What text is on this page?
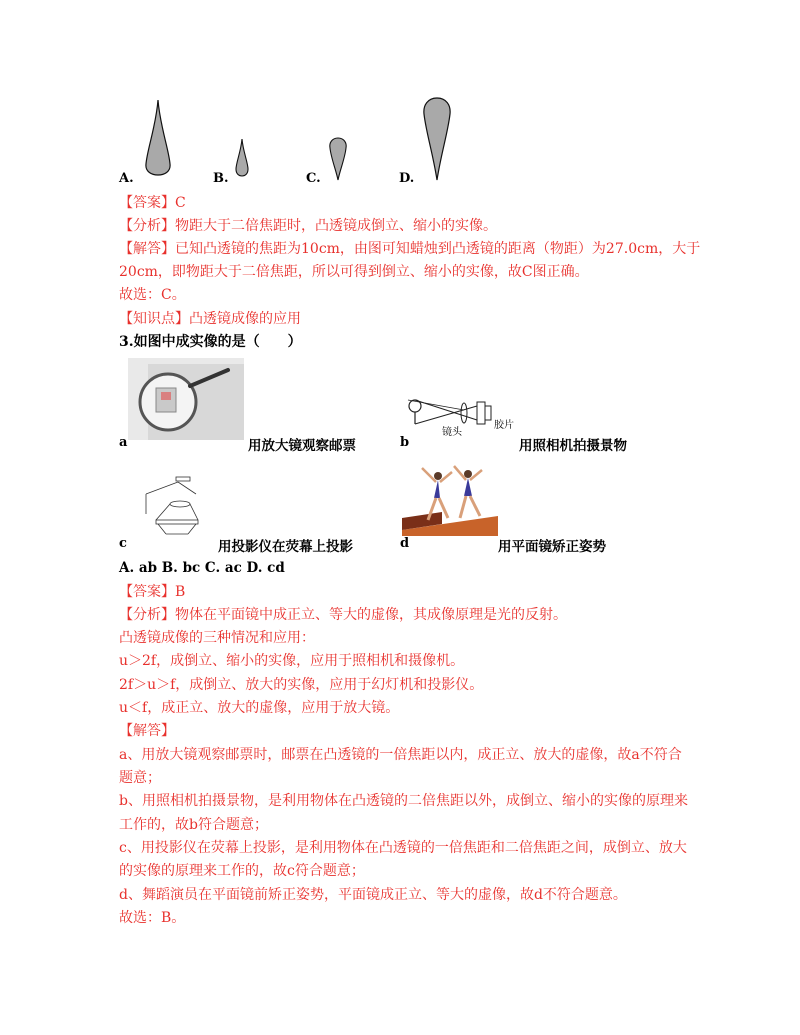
A.	B.	C.	D.
【答案】C
【分析】物距大于二倍焦距时，凸透镜成倒立、缩小的实像。
【解答】已知凸透镜的焦距为10cm，由图可知蜡烛到凸透镜的距离（物距）为27.0cm，大于
20cm，即物距大于二倍焦距，所以可得到倒立、缩小的实像，故C图正确。
故选：C。
【知识点】凸透镜成像的应用
3.如图中成实像的是（　　）
a	用放大镜观察邮票
镜头
胶片
b	用照相机拍摄景物
c	用投影仪在荧幕上投影	d	用平面镜矫正姿势
A. ab B. bc C. ac D. cd
【答案】B
【分析】物体在平面镜中成正立、等大的虚像，其成像原理是光的反射。
凸透镜成像的三种情况和应用：
u＞2f，成倒立、缩小的实像，应用于照相机和摄像机。
2f＞u＞f，成倒立、放大的实像，应用于幻灯机和投影仪。
u＜f，成正立、放大的虚像，应用于放大镜。
【解答】
a、用放大镜观察邮票时，邮票在凸透镜的一倍焦距以内，成正立、放大的虚像，故a不符合
题意；
b、用照相机拍摄景物，是利用物体在凸透镜的二倍焦距以外，成倒立、缩小的实像的原理来
工作的，故b符合题意；
c、用投影仪在荧幕上投影，是利用物体在凸透镜的一倍焦距和二倍焦距之间，成倒立、放大
的实像的原理来工作的，故c符合题意；
d、舞蹈演员在平面镜前矫正姿势，平面镜成正立、等大的虚像，故d不符合题意。
故选：B。
